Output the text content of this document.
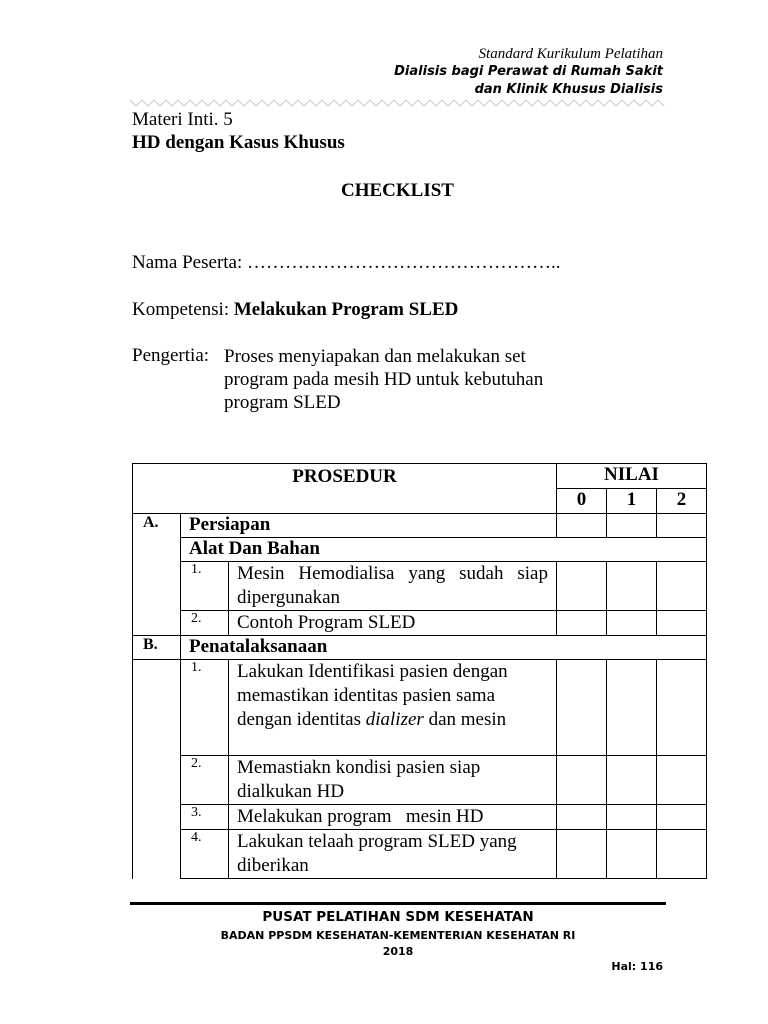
Standard Kurikulum Pelatihan
Dialisis bagi Perawat di Rumah Sakit
dan Klinik Khusus Dialisis
Materi Inti. 5
HD dengan Kasus Khusus
CHECKLIST
Nama Peserta: …………………………………………..
Kompetensi: Melakukan Program SLED
Pengertia: Proses menyiapakan dan melakukan set
program pada mesih HD untuk kebutuhan
program SLED
PROSEDUR			NILAI		
			0	1	2
A.	Persiapan				
	Alat Dan Bahan				
	1.	Mesin Hemodialisa yang sudah siap dipergunakan			
	2.	Contoh Program SLED			
B.	Penatalaksanaan				
	1.	Lakukan Identifikasi pasien dengan memastikan identitas pasien sama dengan identitas dializer dan mesin			
	2.	Memastiakn kondisi pasien siap dialkukan HD			
	3.	Melakukan program   mesin HD			
	4.	Lakukan telaah program SLED yang diberikan			
PUSAT PELATIHAN SDM KESEHATAN
BADAN PPSDM KESEHATAN-KEMENTERIAN KESEHATAN RI
2018
Hal: 116
